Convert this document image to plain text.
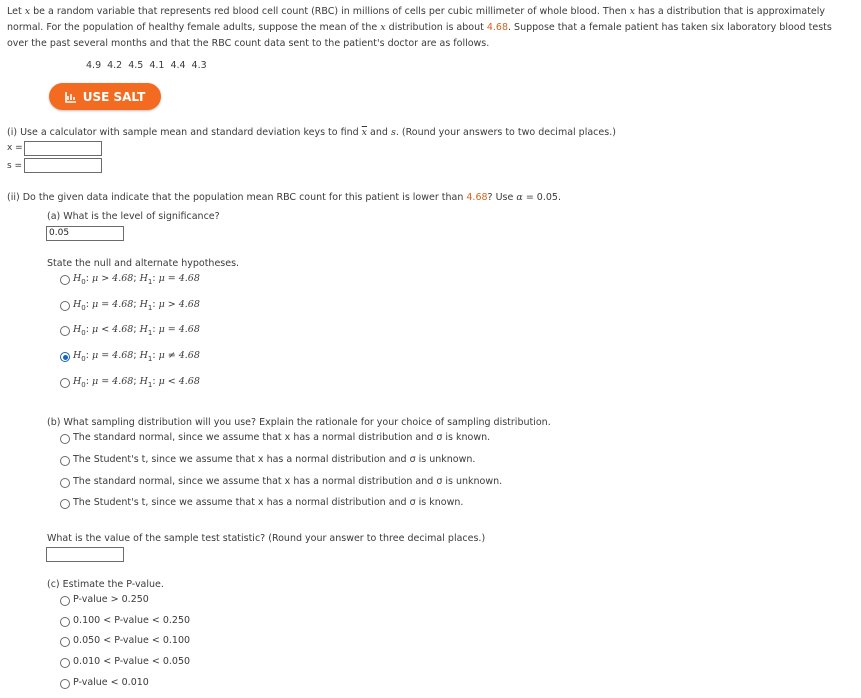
Let x be a random variable that represents red blood cell count (RBC) in millions of cells per cubic millimeter of whole blood. Then x has a distribution that is approximately normal. For the population of healthy female adults, suppose the mean of the x distribution is about 4.68. Suppose that a female patient has taken six laboratory blood tests over the past several months and that the RBC count data sent to the patient's doctor are as follows.
4.9 4.2 4.5 4.1 4.4 4.3
USE SALT
(i) Use a calculator with sample mean and standard deviation keys to find $\overline{x}$ and s. (Round your answers to two decimal places.)
x =
s =
(ii) Do the given data indicate that the population mean RBC count for this patient is lower than 4.68? Use α = 0.05.
(a) What is the level of significance?
0.05
State the null and alternate hypotheses.
$H_0$: μ > 4.68; $H_1$: μ = 4.68
$H_0$: μ = 4.68; $H_1$: μ > 4.68
$H_0$: μ < 4.68; $H_1$: μ = 4.68
$H_0$: μ = 4.68; $H_1$: μ ≠ 4.68
$H_0$: μ = 4.68; $H_1$: μ < 4.68
(b) What sampling distribution will you use? Explain the rationale for your choice of sampling distribution.
The standard normal, since we assume that x has a normal distribution and σ is known.
The Student's t, since we assume that x has a normal distribution and σ is unknown.
The standard normal, since we assume that x has a normal distribution and σ is unknown.
The Student's t, since we assume that x has a normal distribution and σ is known.
What is the value of the sample test statistic? (Round your answer to three decimal places.)
(c) Estimate the P-value.
P-value > 0.250
0.100 < P-value < 0.250
0.050 < P-value < 0.100
0.010 < P-value < 0.050
P-value < 0.010
